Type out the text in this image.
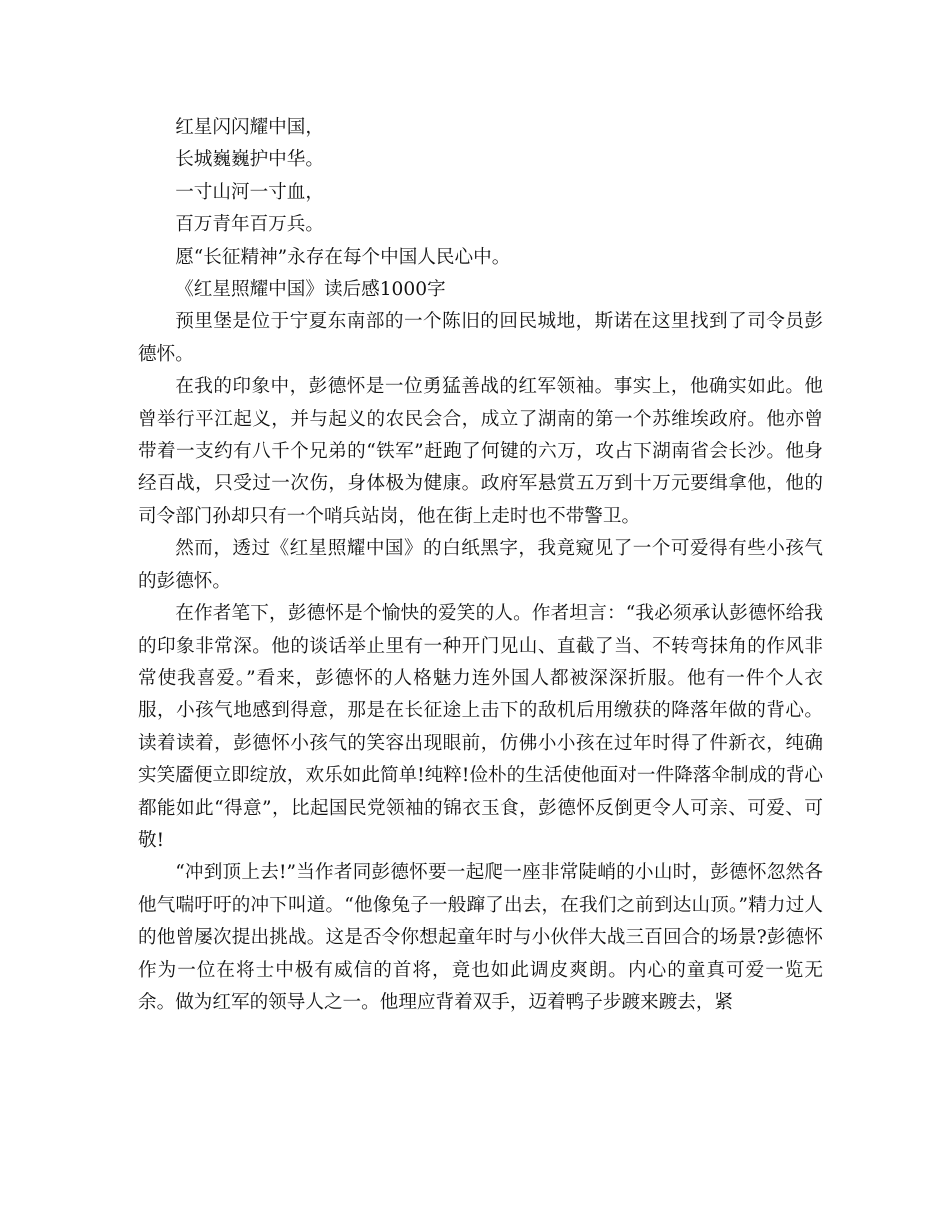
红星闪闪耀中国，

长城巍巍护中华。

一寸山河一寸血，

百万青年百万兵。

愿“长征精神”永存在每个中国人民心中。

《红星照耀中国》读后感1000字

预里堡是位于宁夏东南部的一个陈旧的回民城地，斯诺在这里找到了司令员彭德怀。

在我的印象中，彭德怀是一位勇猛善战的红军领袖。事实上，他确实如此。他曾举行平江起义，并与起义的农民会合，成立了湖南的第一个苏维埃政府。他亦曾带着一支约有八千个兄弟的“铁军”赶跑了何键的六万，攻占下湖南省会长沙。他身经百战，只受过一次伤，身体极为健康。政府军悬赏五万到十万元要缉拿他，他的司令部门孙却只有一个哨兵站岗，他在街上走时也不带警卫。

然而，透过《红星照耀中国》的白纸黑字，我竟窥见了一个可爱得有些小孩气的彭德怀。

在作者笔下，彭德怀是个愉快的爱笑的人。作者坦言：“我必须承认彭德怀给我的印象非常深。他的谈话举止里有一种开门见山、直截了当、不转弯抹角的作风非常使我喜爱。”看来，彭德怀的人格魅力连外国人都被深深折服。他有一件个人衣服，小孩气地感到得意，那是在长征途上击下的敌机后用缴获的降落年做的背心。读着读着，彭德怀小孩气的笑容出现眼前，仿佛小小孩在过年时得了件新衣，纯确实笑靥便立即绽放，欢乐如此简单!纯粹!俭朴的生活使他面对一件降落伞制成的背心都能如此“得意”，比起国民党领袖的锦衣玉食，彭德怀反倒更令人可亲、可爱、可敬!

“冲到顶上去!”当作者同彭德怀要一起爬一座非常陡峭的小山时，彭德怀忽然各他气喘吁吁的冲下叫道。“他像兔子一般蹿了出去，在我们之前到达山顶。”精力过人的他曾屡次提出挑战。这是否令你想起童年时与小伙伴大战三百回合的场景?彭德怀作为一位在将士中极有威信的首将，竟也如此调皮爽朗。内心的童真可爱一览无余。做为红军的领导人之一。他理应背着双手，迈着鸭子步踱来踱去，紧
